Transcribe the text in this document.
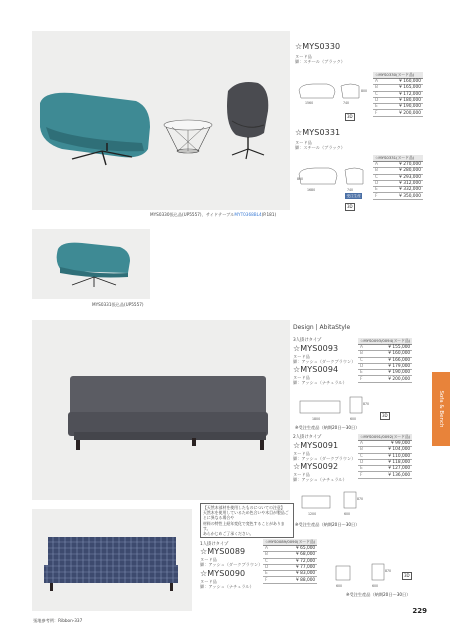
MYS0330張込品(UP5557)、サイドテーブルMYT0368BL4(P.181)
☆MYS0330
ヌード品
脚：スチール（ブラック）
1560	740
800
3D
☆MYS0330(ヌード品)	
A	¥ 160,000
B	¥ 165,000
C	¥ 172,000
D	¥ 180,000
E	¥ 190,000
F	¥ 200,000
☆MYS0331
ヌード品
脚：スチール（ブラック）
1680	740
800
受注生産
3D
☆MYS0331(ヌード品)	
A	¥ 270,000
B	¥ 280,000
C	¥ 293,000
D	¥ 312,000
E	¥ 332,000
F	¥ 350,000
MYS0331張込品(UP5557)
Design | AbitaStyle
3人掛けタイプ
☆MYS0093
ヌード品
脚：アッシュ（ダークブラウン）
☆MYS0094
ヌード品
脚：アッシュ（ナチュラル）
☆MYS0093/0094(ヌード品)	
A	¥ 155,000
B	¥ 160,000
C	¥ 166,000
D	¥ 179,000
E	¥ 190,000
F	¥ 200,000
1800	600
870
3D
※受注生産品（納期20日～30日）
2人掛けタイプ
☆MYS0091
ヌード品
脚：アッシュ（ダークブラウン）
☆MYS0092
ヌード品
脚：アッシュ（ナチュラル）
☆MYS0091/0092(ヌード品)	
A	¥ 99,000
B	¥ 104,000
C	¥ 110,000
D	¥ 118,000
E	¥ 127,000
F	¥ 136,000
1200	600
870
※受注生産品（納期20日～30日）
【天然木部材を使用したものについての注意】
天然木を使用しているため色合いや木目が製品ごとに異なる場合や
材料の特性上経年変化で変色することがあります。
あらかじめご了承ください。
張地参考例：Ribbon-337
1人掛けタイプ
☆MYS0089
ヌード品
脚：アッシュ（ダークブラウン）
☆MYS0090
ヌード品
脚：アッシュ（ナチュラル）
☆MYS0089/0090(ヌード品)	
A	¥ 65,000
B	¥ 68,000
C	¥ 72,000
D	¥ 77,000
E	¥ 83,000
F	¥ 88,000
600	600
870
3D
※受注生産品（納期20日～30日）
Sofa & Bench
229
